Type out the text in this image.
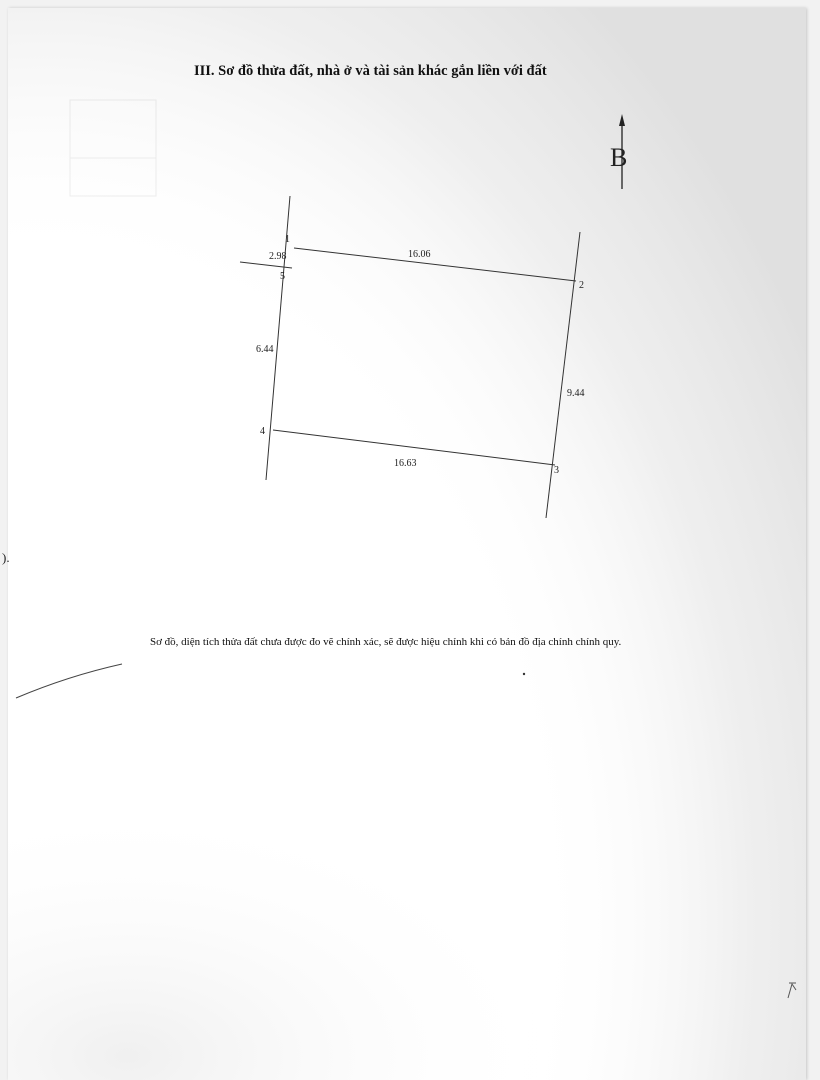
III. Sơ đồ thửa đất, nhà ở và tài sản khác gắn liền với đất
B
1
2
3
4
5
16.06
9.44
16.63
6.44
2.98
Sơ đồ, diện tích thửa đất chưa được đo vẽ chính xác, sẽ được hiệu chỉnh khi có bản đồ địa chính chính quy.
).
